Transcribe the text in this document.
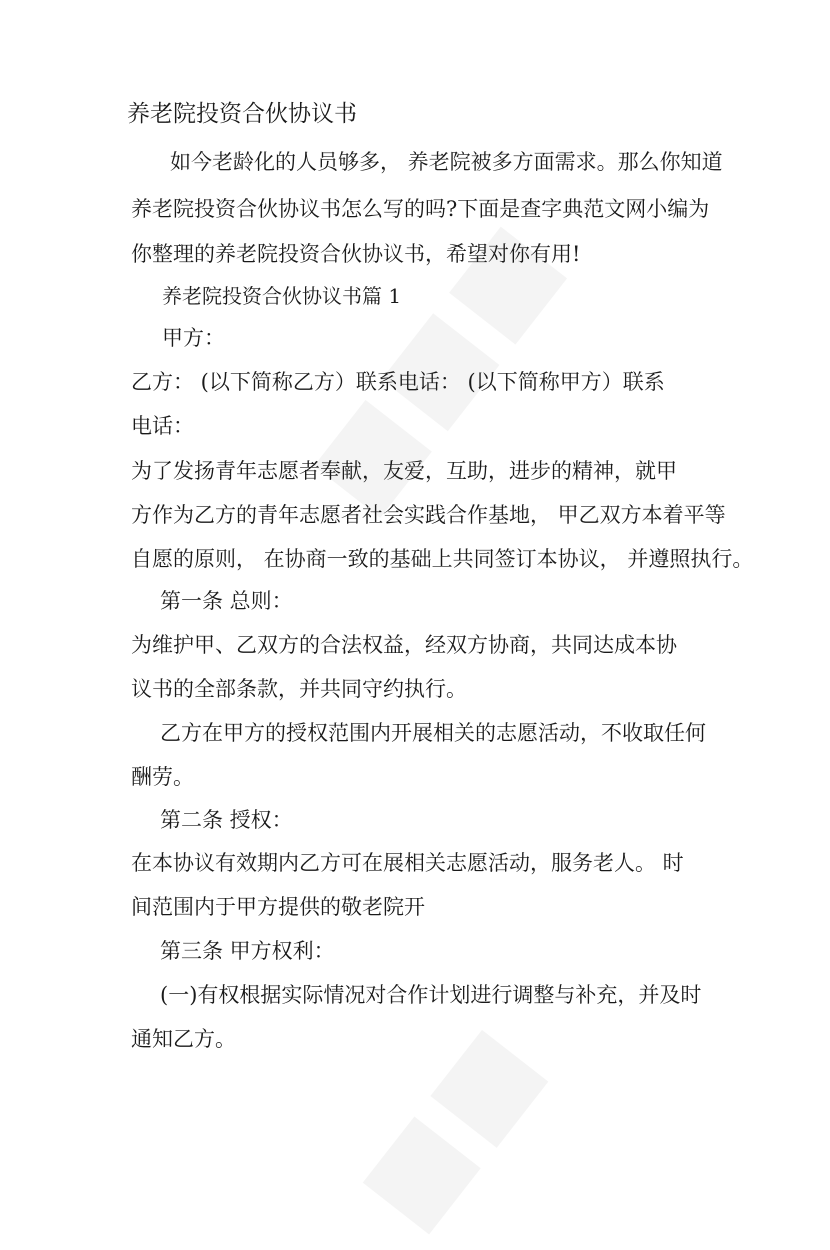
养老院投资合伙协议书
如今老龄化的人员够多， 养老院被多方面需求。那么你知道
养老院投资合伙协议书怎么写的吗?下面是查字典范文网小编为
你整理的养老院投资合伙协议书，希望对你有用!
养老院投资合伙协议书篇 1
甲方：
乙方： (以下简称乙方）联系电话： (以下简称甲方）联系
电话：
为了发扬青年志愿者奉献，友爱，互助，进步的精神，就甲
方作为乙方的青年志愿者社会实践合作基地， 甲乙双方本着平等
自愿的原则， 在协商一致的基础上共同签订本协议， 并遵照执行。
第一条 总则：
为维护甲、乙双方的合法权益，经双方协商，共同达成本协
议书的全部条款，并共同守约执行。
乙方在甲方的授权范围内开展相关的志愿活动，不收取任何
酬劳。
第二条 授权：
在本协议有效期内乙方可在展相关志愿活动，服务老人。 时
间范围内于甲方提供的敬老院开
第三条 甲方权利：
(一)有权根据实际情况对合作计划进行调整与补充，并及时
通知乙方。
